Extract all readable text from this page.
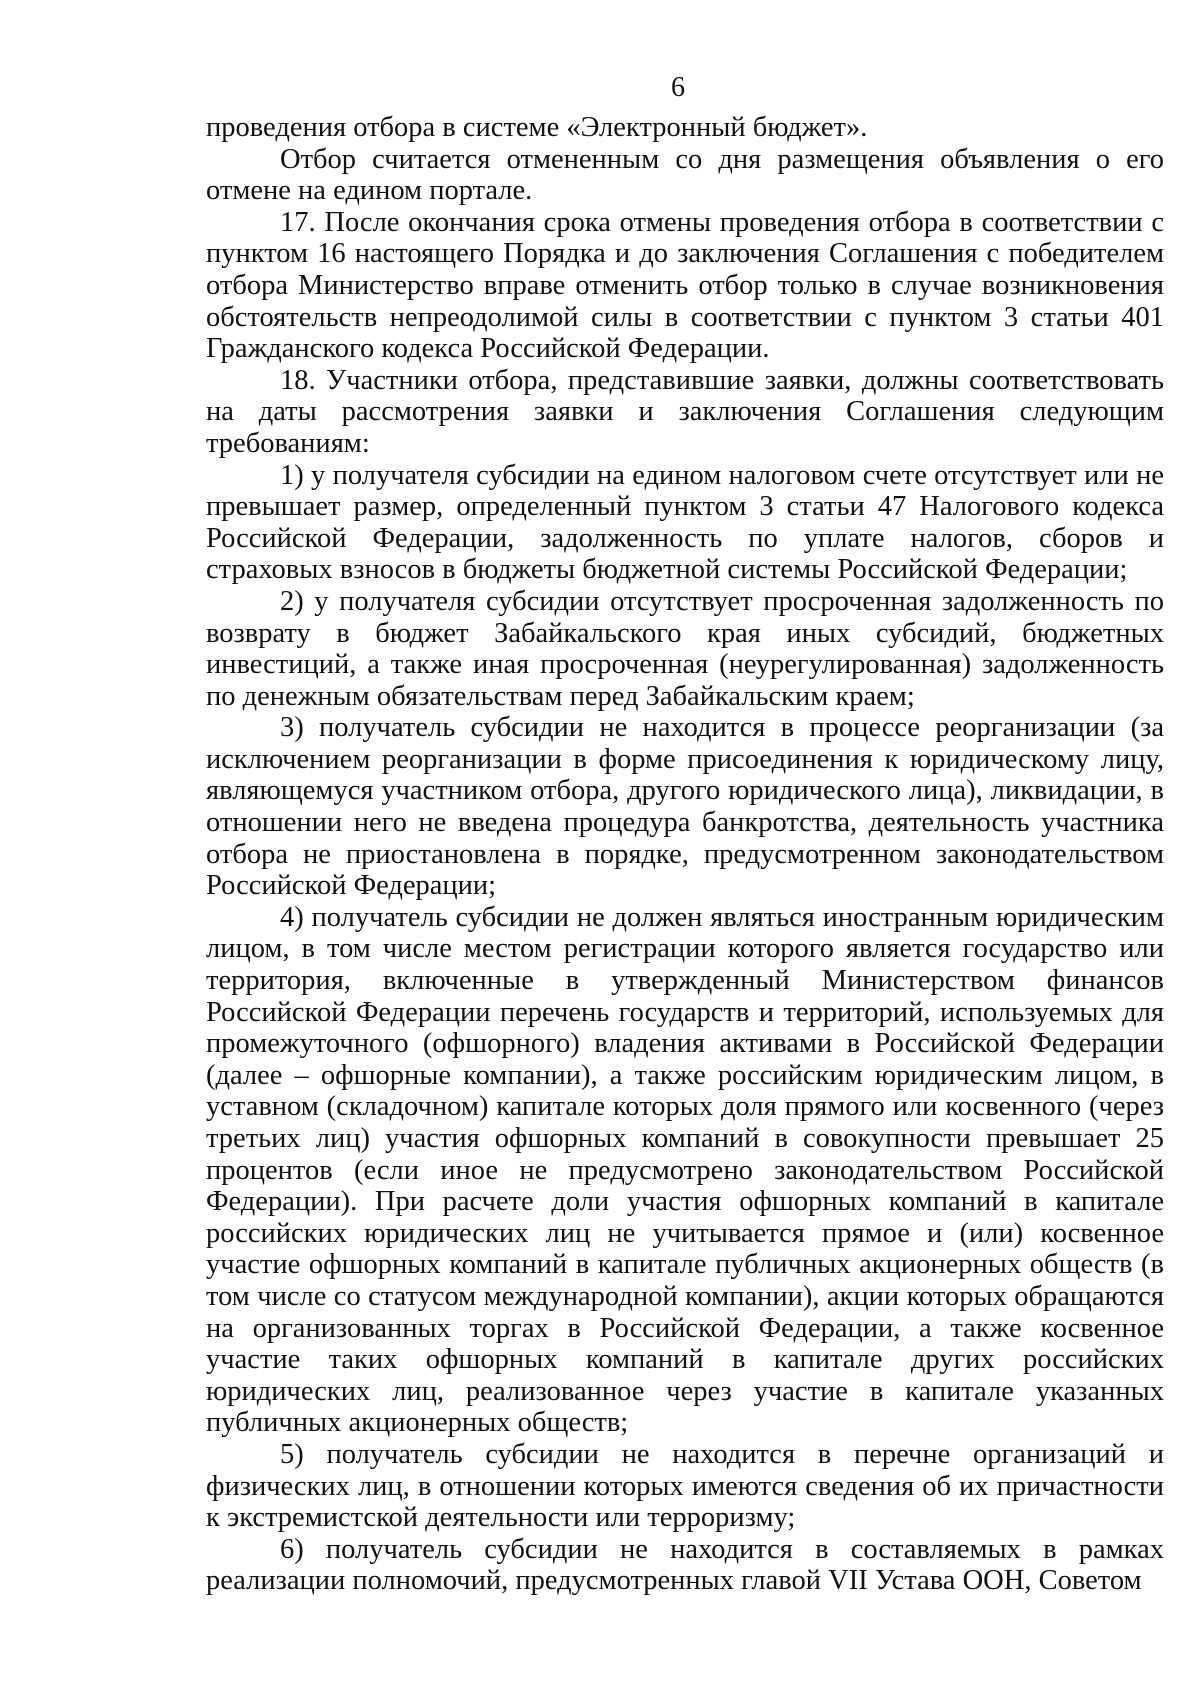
6

проведения отбора в системе «Электронный бюджет».

Отбор считается отмененным со дня размещения объявления о его отмене на едином портале.

17. После окончания срока отмены проведения отбора в соответствии с пунктом 16 настоящего Порядка и до заключения Соглашения с победителем отбора Министерство вправе отменить отбор только в случае возникновения обстоятельств непреодолимой силы в соответствии с пунктом 3 статьи 401 Гражданского кодекса Российской Федерации.

18. Участники отбора, представившие заявки, должны соответствовать на даты рассмотрения заявки и заключения Соглашения следующим требованиям:

1) у получателя субсидии на едином налоговом счете отсутствует или не превышает размер, определенный пунктом 3 статьи 47 Налогового кодекса Российской Федерации, задолженность по уплате налогов, сборов и страховых взносов в бюджеты бюджетной системы Российской Федерации;

2) у получателя субсидии отсутствует просроченная задолженность по возврату в бюджет Забайкальского края иных субсидий, бюджетных инвестиций, а также иная просроченная (неурегулированная) задолженность по денежным обязательствам перед Забайкальским краем;

3) получатель субсидии не находится в процессе реорганизации (за исключением реорганизации в форме присоединения к юридическому лицу, являющемуся участником отбора, другого юридического лица), ликвидации, в отношении него не введена процедура банкротства, деятельность участника отбора не приостановлена в порядке, предусмотренном законодательством Российской Федерации;

4) получатель субсидии не должен являться иностранным юридическим лицом, в том числе местом регистрации которого является государство или территория, включенные в утвержденный Министерством финансов Российской Федерации перечень государств и территорий, используемых для промежуточного (офшорного) владения активами в Российской Федерации (далее – офшорные компании), а также российским юридическим лицом, в уставном (складочном) капитале которых доля прямого или косвенного (через третьих лиц) участия офшорных компаний в совокупности превышает 25 процентов (если иное не предусмотрено законодательством Российской Федерации). При расчете доли участия офшорных компаний в капитале российских юридических лиц не учитывается прямое и (или) косвенное участие офшорных компаний в капитале публичных акционерных обществ (в том числе со статусом международной компании), акции которых обращаются на организованных торгах в Российской Федерации, а также косвенное участие таких офшорных компаний в капитале других российских юридических лиц, реализованное через участие в капитале указанных публичных акционерных обществ;

5) получатель субсидии не находится в перечне организаций и физических лиц, в отношении которых имеются сведения об их причастности к экстремистской деятельности или терроризму;

6) получатель субсидии не находится в составляемых в рамках реализации полномочий, предусмотренных главой VII Устава ООН, Советом
